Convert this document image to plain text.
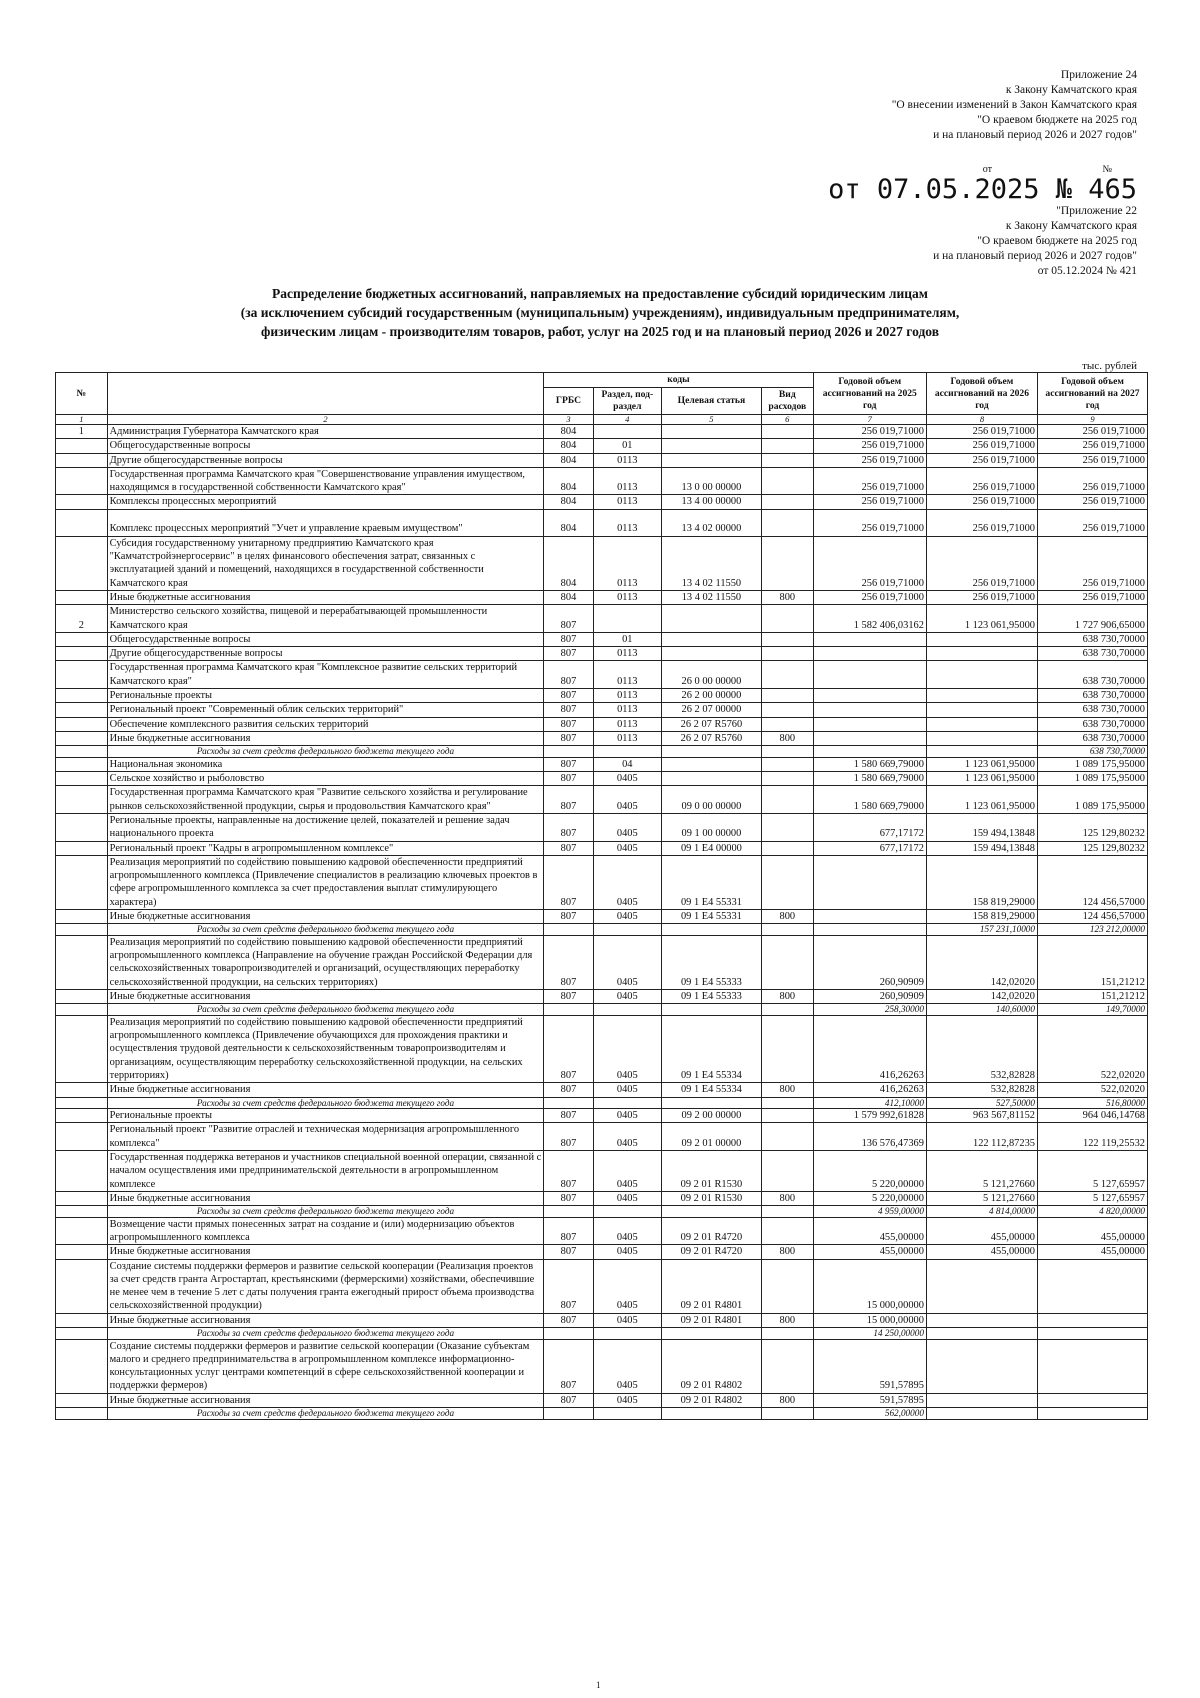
Приложение 24
к Закону Камчатского края
"О внесении изменений в Закон Камчатского края
"О краевом бюджете на 2025 год
и на плановый период 2026 и 2027 годов"
от	№
от 07.05.2025 № 465
"Приложение 22
к Закону Камчатского края
"О краевом бюджете на 2025 год
и на плановый период 2026 и 2027 годов"
от 05.12.2024 № 421
Распределение бюджетных ассигнований, направляемых на предоставление субсидий юридическим лицам
(за исключением субсидий государственным (муниципальным) учреждениям), индивидуальным предпринимателям,
физическим лицам - производителям товаров, работ, услуг на 2025 год и на плановый период 2026 и 2027 годов
тыс. рублей
№		коды				Годовой объем ассигнований на 2025 год	Годовой объем ассигнований на 2026 год	Годовой объем ассигнований на 2027 год
		ГРБС	Раздел, под-раздел	Целевая статья	Вид расходов			
1	2	3	4	5	6	7	8	9
1	Администрация Губернатора Камчатского края	804				256 019,71000	256 019,71000	256 019,71000
	Общегосударственные вопросы	804	01			256 019,71000	256 019,71000	256 019,71000
	Другие общегосударственные вопросы	804	0113			256 019,71000	256 019,71000	256 019,71000
	Государственная программа Камчатского края "Совершенствование управления имуществом, находящимся в государственной собственности Камчатского края"	804	0113	13 0 00 00000		256 019,71000	256 019,71000	256 019,71000
	Комплексы процессных мероприятий	804	0113	13 4 00 00000		256 019,71000	256 019,71000	256 019,71000
	Комплекс процессных мероприятий "Учет и управление краевым имуществом"	804	0113	13 4 02 00000		256 019,71000	256 019,71000	256 019,71000
	Субсидия государственному унитарному предприятию Камчатского края "Камчатстройэнергосервис" в целях финансового обеспечения затрат, связанных с эксплуатацией зданий и помещений, находящихся в государственной собственности Камчатского края	804	0113	13 4 02 11550		256 019,71000	256 019,71000	256 019,71000
	Иные бюджетные ассигнования	804	0113	13 4 02 11550	800	256 019,71000	256 019,71000	256 019,71000
2	Министерство сельского хозяйства, пищевой и перерабатывающей промышленности Камчатского края	807				1 582 406,03162	1 123 061,95000	1 727 906,65000
	Общегосударственные вопросы	807	01					638 730,70000
	Другие общегосударственные вопросы	807	0113					638 730,70000
	Государственная программа Камчатского края "Комплексное развитие сельских территорий Камчатского края"	807	0113	26 0 00 00000				638 730,70000
	Региональные проекты	807	0113	26 2 00 00000				638 730,70000
	Региональный проект "Современный облик сельских территорий"	807	0113	26 2 07 00000				638 730,70000
	Обеспечение комплексного развития сельских территорий	807	0113	26 2 07 R5760				638 730,70000
	Иные бюджетные ассигнования	807	0113	26 2 07 R5760	800			638 730,70000
	Расходы за счет средств федерального бюджета текущего года							638 730,70000
	Национальная экономика	807	04			1 580 669,79000	1 123 061,95000	1 089 175,95000
	Сельское хозяйство и рыболовство	807	0405			1 580 669,79000	1 123 061,95000	1 089 175,95000
	Государственная программа Камчатского края "Развитие сельского хозяйства и регулирование рынков сельскохозяйственной продукции, сырья и продовольствия Камчатского края"	807	0405	09 0 00 00000		1 580 669,79000	1 123 061,95000	1 089 175,95000
	Региональные проекты, направленные на достижение целей, показателей и решение задач национального проекта	807	0405	09 1 00 00000		677,17172	159 494,13848	125 129,80232
	Региональный проект "Кадры в агропромышленном комплексе"	807	0405	09 1 E4 00000		677,17172	159 494,13848	125 129,80232
	Реализация мероприятий по содействию повышению кадровой обеспеченности предприятий агропромышленного комплекса (Привлечение специалистов в реализацию ключевых проектов в сфере агропромышленного комплекса за счет предоставления выплат стимулирующего характера)	807	0405	09 1 E4 55331			158 819,29000	124 456,57000
	Иные бюджетные ассигнования	807	0405	09 1 E4 55331	800		158 819,29000	124 456,57000
	Расходы за счет средств федерального бюджета текущего года						157 231,10000	123 212,00000
	Реализация мероприятий по содействию повышению кадровой обеспеченности предприятий агропромышленного комплекса (Направление на обучение граждан Российской Федерации для сельскохозяйственных товаропроизводителей и организаций, осуществляющих переработку сельскохозяйственной продукции, на сельских территориях)	807	0405	09 1 E4 55333		260,90909	142,02020	151,21212
	Иные бюджетные ассигнования	807	0405	09 1 E4 55333	800	260,90909	142,02020	151,21212
	Расходы за счет средств федерального бюджета текущего года					258,30000	140,60000	149,70000
	Реализация мероприятий по содействию повышению кадровой обеспеченности предприятий агропромышленного комплекса (Привлечение обучающихся для прохождения практики и осуществления трудовой деятельности к сельскохозяйственным товаропроизводителям и организациям, осуществляющим переработку сельскохозяйственной продукции, на сельских территориях)	807	0405	09 1 E4 55334		416,26263	532,82828	522,02020
	Иные бюджетные ассигнования	807	0405	09 1 E4 55334	800	416,26263	532,82828	522,02020
	Расходы за счет средств федерального бюджета текущего года					412,10000	527,50000	516,80000
	Региональные проекты	807	0405	09 2 00 00000		1 579 992,61828	963 567,81152	964 046,14768
	Региональный проект "Развитие отраслей и техническая модернизация агропромышленного комплекса"	807	0405	09 2 01 00000		136 576,47369	122 112,87235	122 119,25532
	Государственная поддержка ветеранов и участников специальной военной операции, связанной с началом осуществления ими предпринимательской деятельности в агропромышленном комплексе	807	0405	09 2 01 R1530		5 220,00000	5 121,27660	5 127,65957
	Иные бюджетные ассигнования	807	0405	09 2 01 R1530	800	5 220,00000	5 121,27660	5 127,65957
	Расходы за счет средств федерального бюджета текущего года					4 959,00000	4 814,00000	4 820,00000
	Возмещение части прямых понесенных затрат на создание и (или) модернизацию объектов агропромышленного комплекса	807	0405	09 2 01 R4720		455,00000	455,00000	455,00000
	Иные бюджетные ассигнования	807	0405	09 2 01 R4720	800	455,00000	455,00000	455,00000
	Создание системы поддержки фермеров и развитие сельской кооперации (Реализация проектов за счет средств гранта Агростартап, крестьянскими (фермерскими) хозяйствами, обеспечившие не менее чем в течение 5 лет с даты получения гранта ежегодный прирост объема производства сельскохозяйственной продукции)	807	0405	09 2 01 R4801		15 000,00000		
	Иные бюджетные ассигнования	807	0405	09 2 01 R4801	800	15 000,00000		
	Расходы за счет средств федерального бюджета текущего года					14 250,00000		
	Создание системы поддержки фермеров и развитие сельской кооперации (Оказание субъектам малого и среднего предпринимательства в агропромышленном комплексе информационно-консультационных услуг центрами компетенций в сфере сельскохозяйственной кооперации и поддержки фермеров)	807	0405	09 2 01 R4802		591,57895		
	Иные бюджетные ассигнования	807	0405	09 2 01 R4802	800	591,57895		
	Расходы за счет средств федерального бюджета текущего года					562,00000		
1
